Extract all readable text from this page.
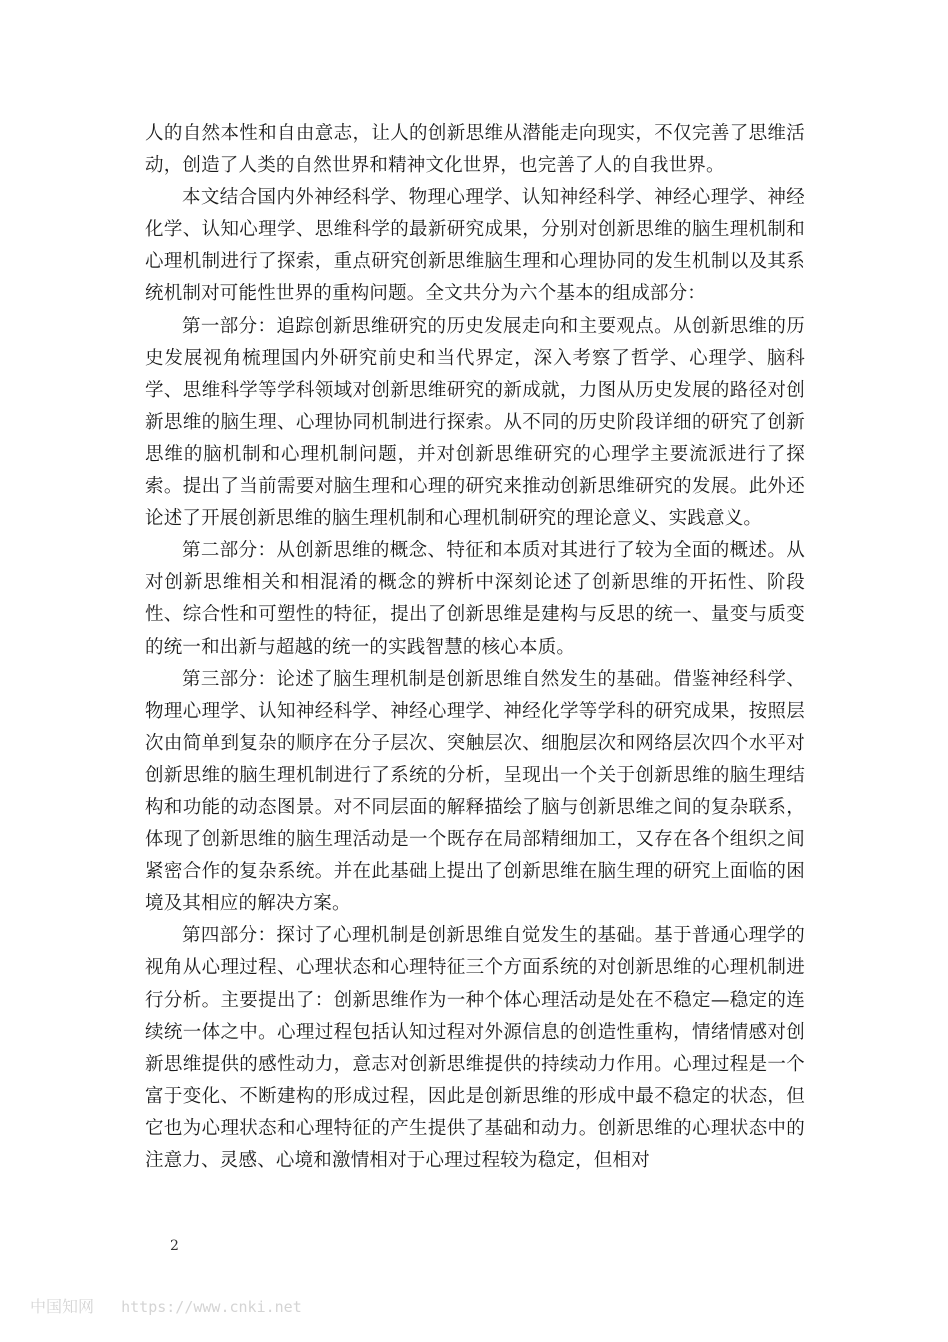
人的自然本性和自由意志，让人的创新思维从潜能走向现实，不仅完善了思维活动，创造了人类的自然世界和精神文化世界，也完善了人的自我世界。

本文结合国内外神经科学、物理心理学、认知神经科学、神经心理学、神经化学、认知心理学、思维科学的最新研究成果，分别对创新思维的脑生理机制和心理机制进行了探索，重点研究创新思维脑生理和心理协同的发生机制以及其系统机制对可能性世界的重构问题。全文共分为六个基本的组成部分：

第一部分：追踪创新思维研究的历史发展走向和主要观点。从创新思维的历史发展视角梳理国内外研究前史和当代界定，深入考察了哲学、心理学、脑科学、思维科学等学科领域对创新思维研究的新成就，力图从历史发展的路径对创新思维的脑生理、心理协同机制进行探索。从不同的历史阶段详细的研究了创新思维的脑机制和心理机制问题，并对创新思维研究的心理学主要流派进行了探索。提出了当前需要对脑生理和心理的研究来推动创新思维研究的发展。此外还论述了开展创新思维的脑生理机制和心理机制研究的理论意义、实践意义。

第二部分：从创新思维的概念、特征和本质对其进行了较为全面的概述。从对创新思维相关和相混淆的概念的辨析中深刻论述了创新思维的开拓性、阶段性、综合性和可塑性的特征，提出了创新思维是建构与反思的统一、量变与质变的统一和出新与超越的统一的实践智慧的核心本质。

第三部分：论述了脑生理机制是创新思维自然发生的基础。借鉴神经科学、物理心理学、认知神经科学、神经心理学、神经化学等学科的研究成果，按照层次由简单到复杂的顺序在分子层次、突触层次、细胞层次和网络层次四个水平对创新思维的脑生理机制进行了系统的分析，呈现出一个关于创新思维的脑生理结构和功能的动态图景。对不同层面的解释描绘了脑与创新思维之间的复杂联系，体现了创新思维的脑生理活动是一个既存在局部精细加工，又存在各个组织之间紧密合作的复杂系统。并在此基础上提出了创新思维在脑生理的研究上面临的困境及其相应的解决方案。

第四部分：探讨了心理机制是创新思维自觉发生的基础。基于普通心理学的视角从心理过程、心理状态和心理特征三个方面系统的对创新思维的心理机制进行分析。主要提出了：创新思维作为一种个体心理活动是处在不稳定—稳定的连续统一体之中。心理过程包括认知过程对外源信息的创造性重构，情绪情感对创新思维提供的感性动力，意志对创新思维提供的持续动力作用。心理过程是一个富于变化、不断建构的形成过程，因此是创新思维的形成中最不稳定的状态，但它也为心理状态和心理特征的产生提供了基础和动力。创新思维的心理状态中的注意力、灵感、心境和激情相对于心理过程较为稳定，但相对

2
中国知网 https://www.cnki.net
